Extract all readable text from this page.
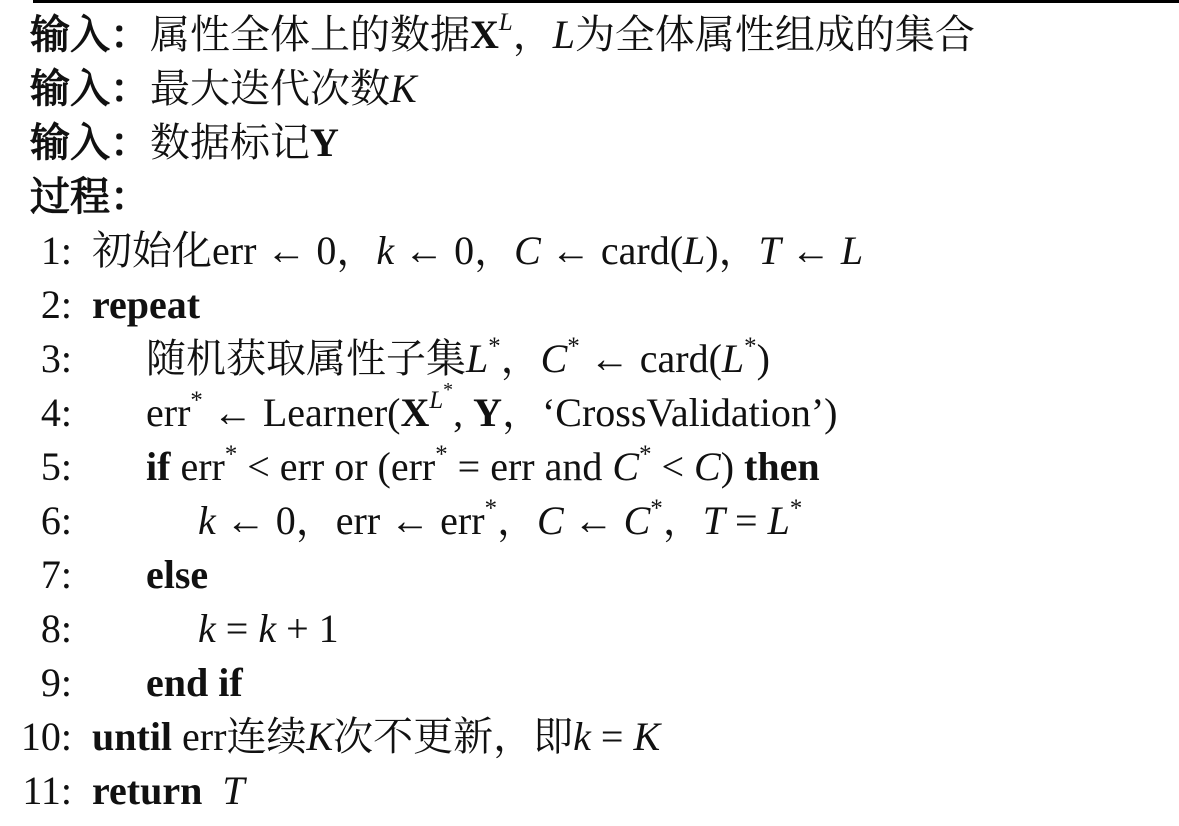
输入：属性全体上的数据$X^L$，L为全体属性组成的集合
输入：最大迭代次数K
输入：数据标记Y
过程：
1: 初始化err ← 0，k ← 0，C ← card(L)，T ← L
2: repeat
3: 随机获取属性子集L*，C* ← card(L*)
4: err* ← $Learner(X^{L^*}$, Y，‘CrossValidation’)
5: if err* < err or (err* = err and C* < C) then
6:	k ← 0，err ← err*，C ← C*，T = L*
7: else
8:	k = k + 1
9: end if
10: until err连续K次不更新，即k = K
11: return T
